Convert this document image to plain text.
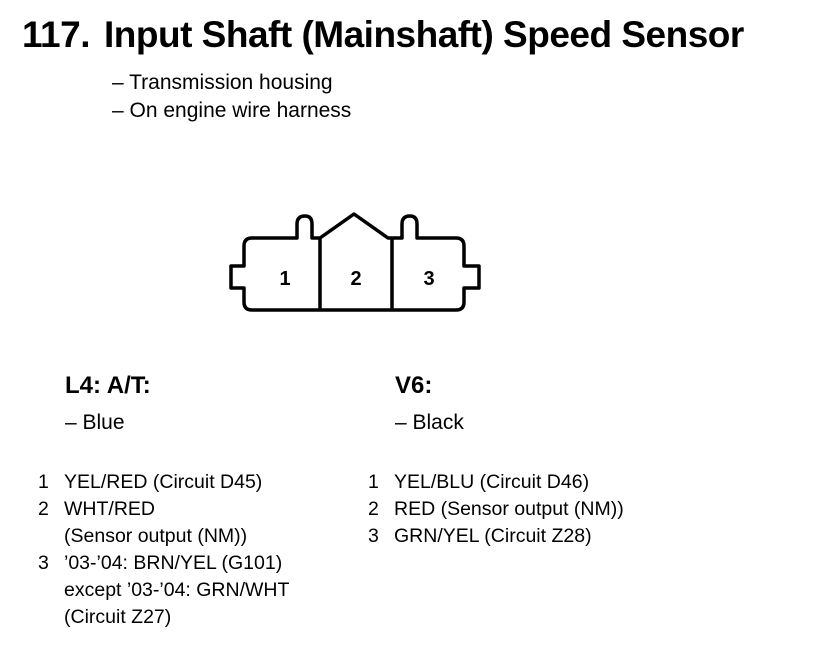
117. Input Shaft (Mainshaft) Speed Sensor
– Transmission housing
– On engine wire harness
1	2	3
L4: A/T:
– Blue
1 YEL/RED (Circuit D45)
2 WHT/RED
(Sensor output (NM))
3 ’03-’04: BRN/YEL (G101)
except ’03-’04: GRN/WHT
(Circuit Z27)
V6:
– Black
1 YEL/BLU (Circuit D46)
2 RED (Sensor output (NM))
3 GRN/YEL (Circuit Z28)
